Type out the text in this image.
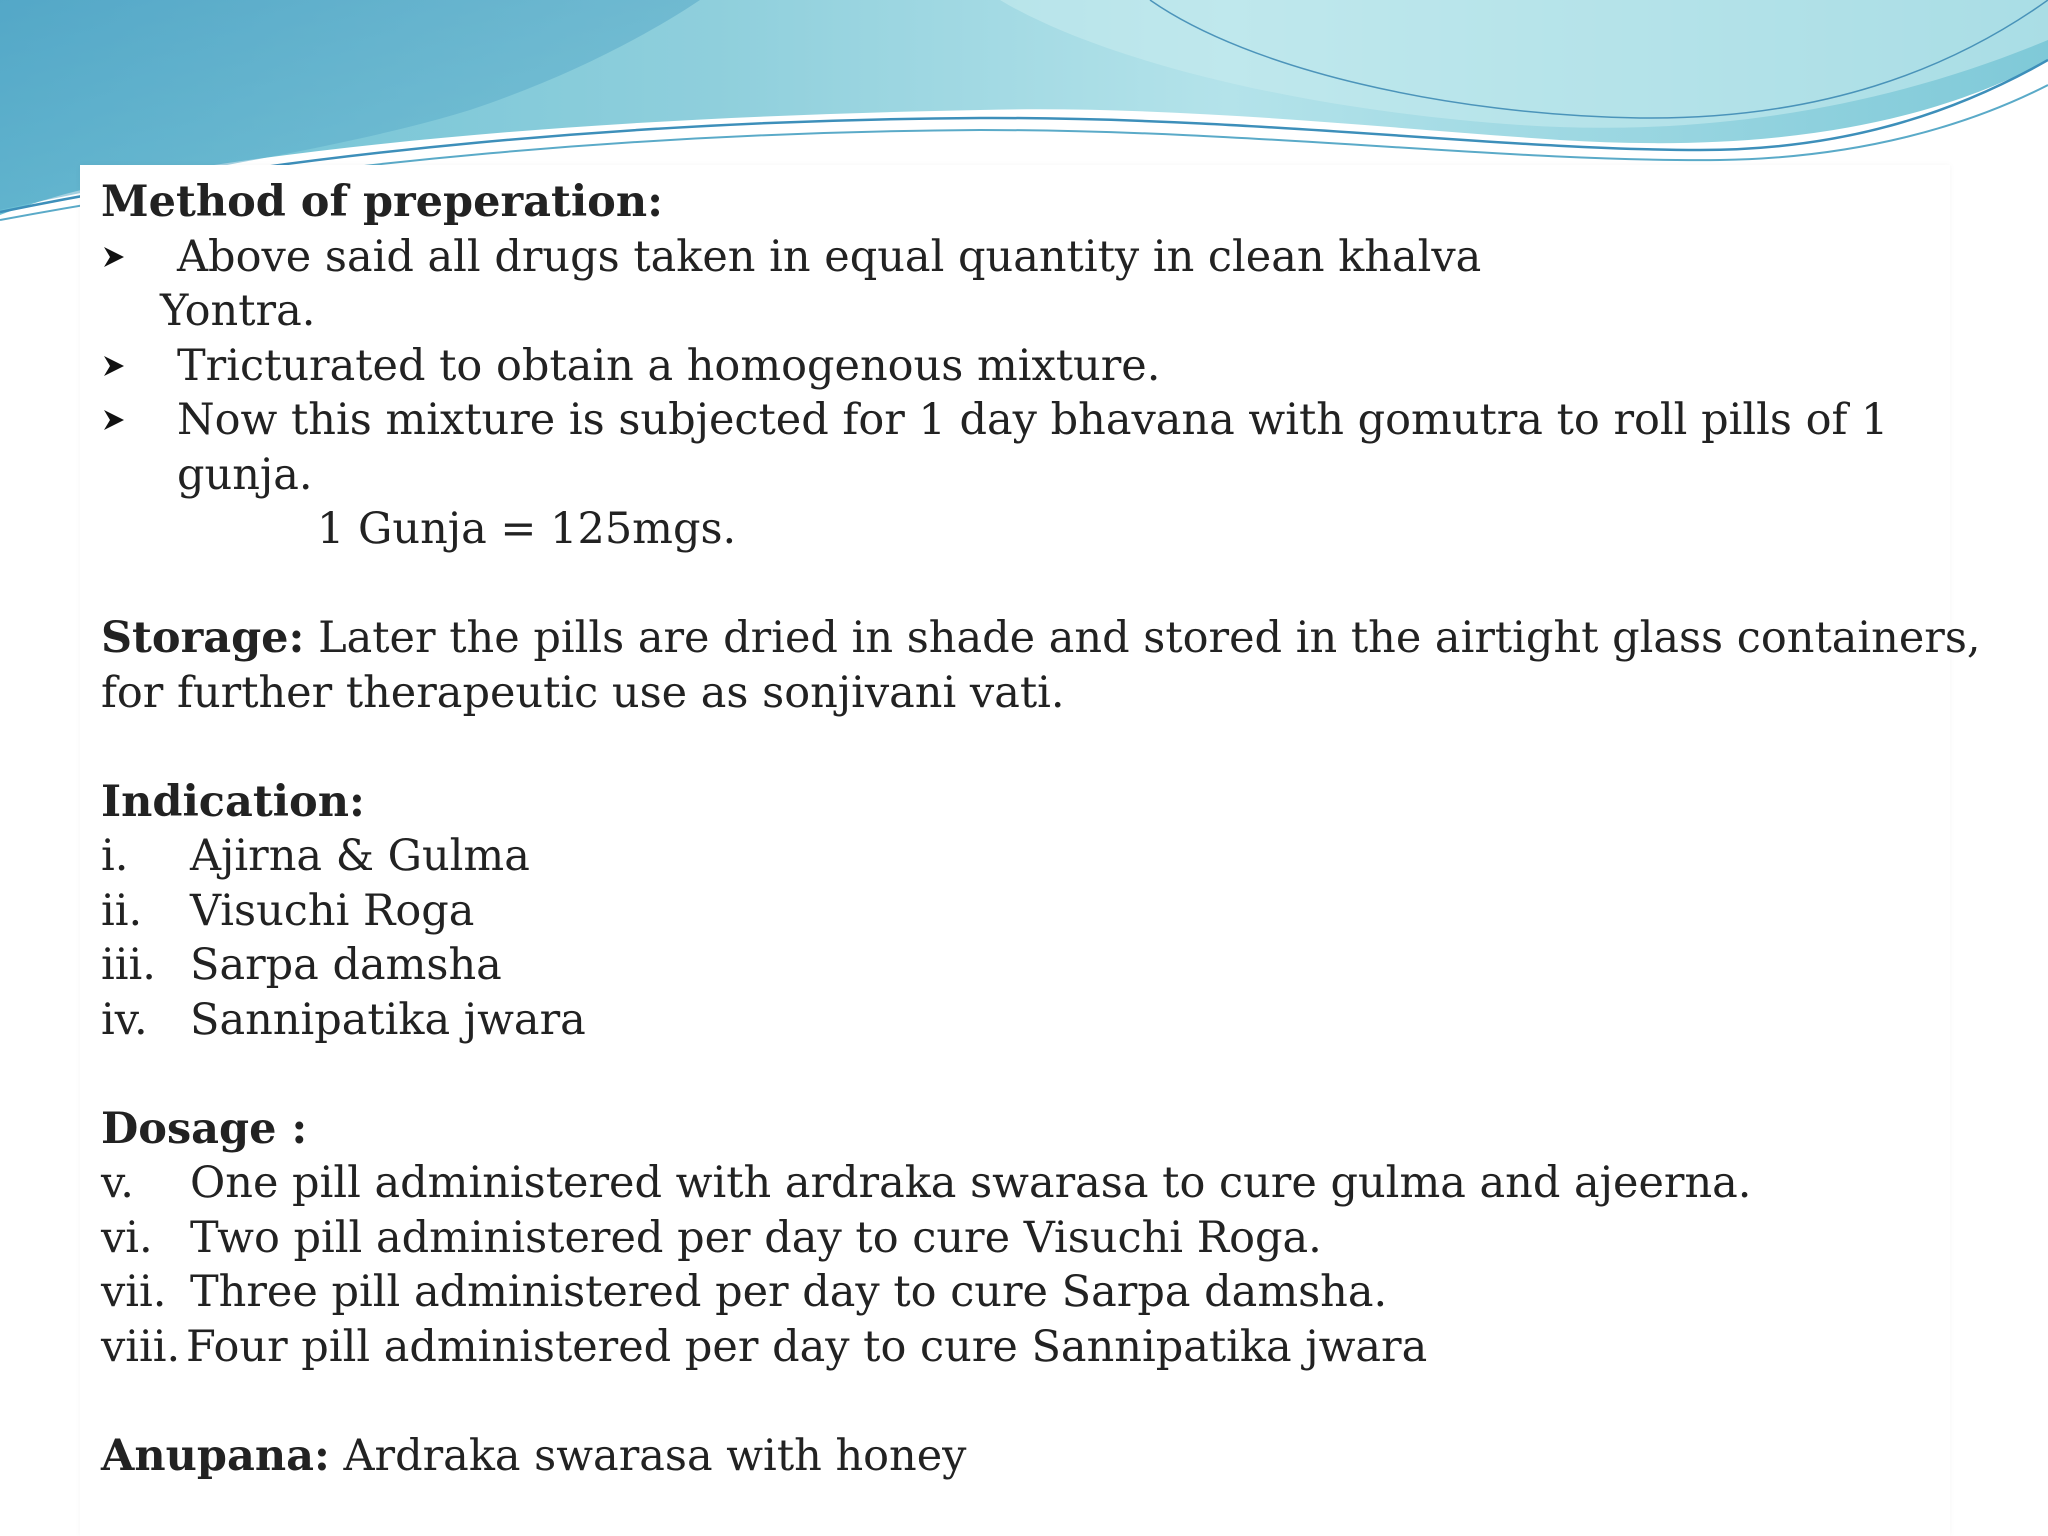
Method of preperation:
Above said all drugs taken in equal quantity in clean khalva
Yontra.
Tricturated to obtain a homogenous mixture.
Now this mixture is subjected for 1 day bhavana with gomutra to roll pills of 1
gunja.
1 Gunja = 125mgs.
Storage: Later the pills are dried in shade and stored in the airtight glass containers,
for further therapeutic use as sonjivani vati.
Indication:
i.	Ajirna & Gulma
ii.	Visuchi Roga
iii. Sarpa damsha
iv. Sannipatika jwara
Dosage :
v.	One pill administered with ardraka swarasa to cure gulma and ajeerna.
vi. Two pill administered per day to cure Visuchi Roga.
vii. Three pill administered per day to cure Sarpa damsha.
viii. Four pill administered per day to cure Sannipatika jwara
Anupana: Ardraka swarasa with honey
